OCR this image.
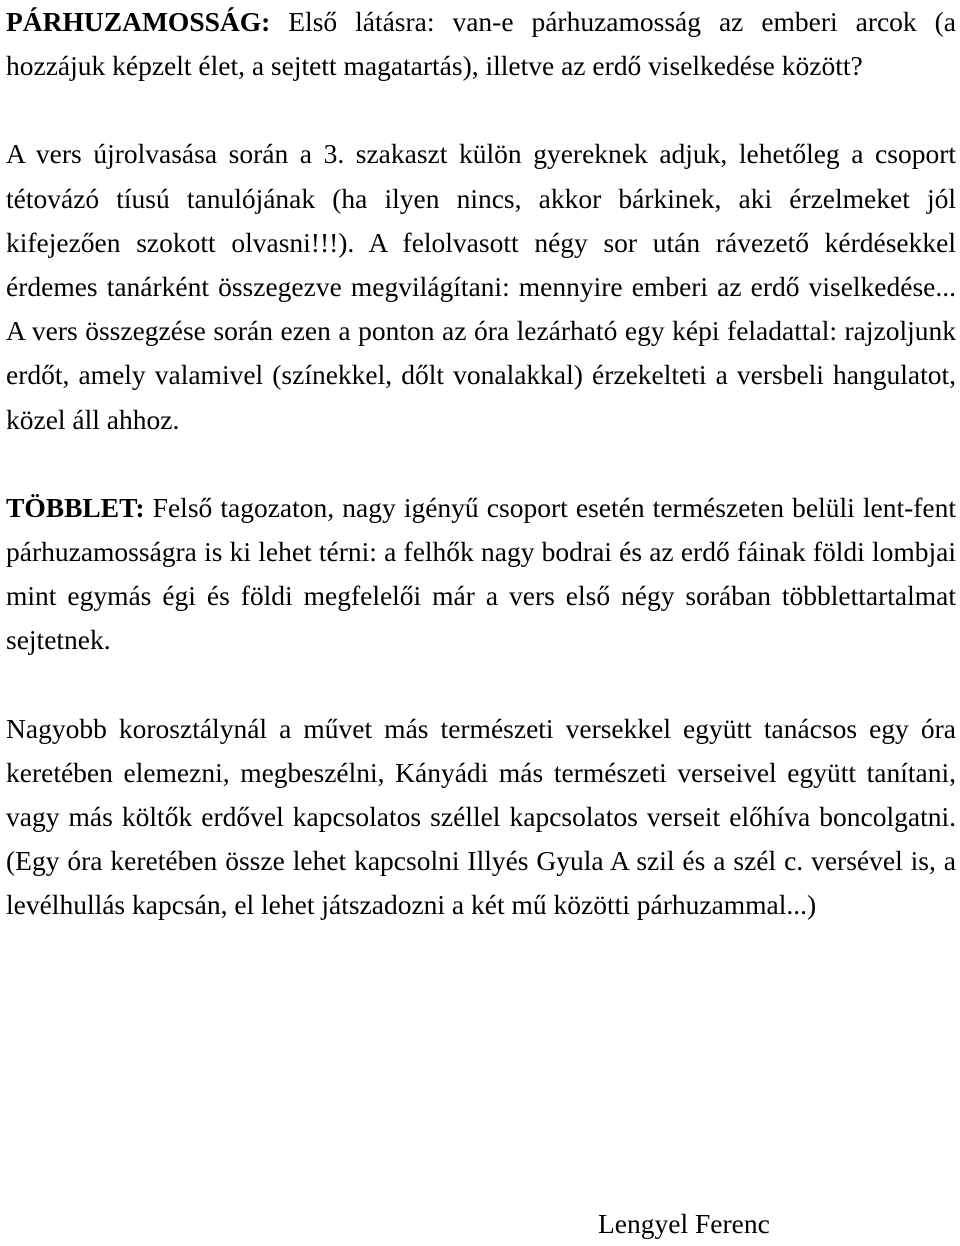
PÁRHUZAMOSSÁG: Első látásra: van-e párhuzamosság az emberi arcok (a hozzájuk képzelt élet, a sejtett magatartás), illetve az erdő viselkedése között?

A vers újrolvasása során a 3. szakaszt külön gyereknek adjuk, lehetőleg a csoport tétovázó tíusú tanulójának (ha ilyen nincs, akkor bárkinek, aki érzelmeket jól kifejezően szokott olvasni!!!). A felolvasott négy sor után rávezető kérdésekkel érdemes tanárként összegezve megvilágítani: mennyire emberi az erdő viselkedése... A vers összegzése során ezen a ponton az óra lezárható egy képi feladattal: rajzoljunk erdőt, amely valamivel (színekkel, dőlt vonalakkal) érzekelteti a versbeli hangulatot, közel áll ahhoz.

TÖBBLET: Felső tagozaton, nagy igényű csoport esetén természeten belüli lent-fent párhuzamosságra is ki lehet térni: a felhők nagy bodrai és az erdő fáinak földi lombjai mint egymás égi és földi megfelelői már a vers első négy sorában többlettartalmat sejtetnek.

Nagyobb korosztálynál a művet más természeti versekkel együtt tanácsos egy óra keretében elemezni, megbeszélni, Kányádi más természeti verseivel együtt tanítani, vagy más költők erdővel kapcsolatos széllel kapcsolatos verseit előhíva boncolgatni.(Egy óra keretében össze lehet kapcsolni Illyés Gyula A szil és a szél c. versével is, a levélhullás kapcsán, el lehet játszadozni a két mű közötti párhuzammal...)

Lengyel Ferenc
